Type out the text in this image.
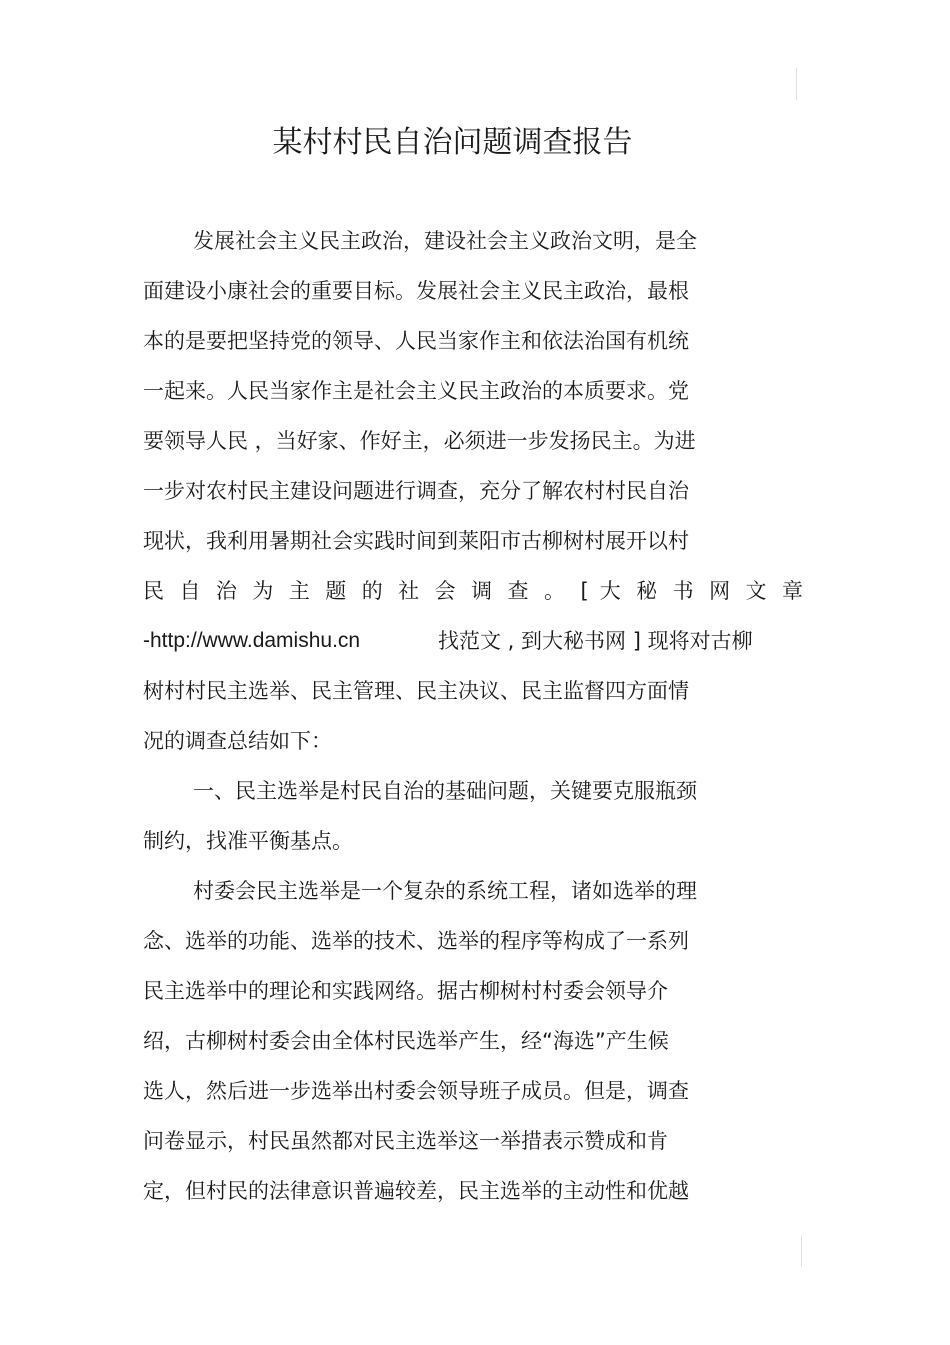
某村村民自治问题调查报告
发展社会主义民主政治，建设社会主义政治文明，是全
面建设小康社会的重要目标。发展社会主义民主政治，最根
本的是要把坚持党的领导、人民当家作主和依法治国有机统
一起来。人民当家作主是社会主义民主政治的本质要求。党
要领导人民 ，当好家、作好主，必须进一步发扬民主。为进
一步对农村民主建设问题进行调查，充分了解农村村民自治
现状，我利用暑期社会实践时间到莱阳市古柳树村展开以村
民 自 治 为 主 题 的 社 会 调 查 。 [ 大 秘 书 网 文 章
-http://www.damishu.cn	找范文 , 到大秘书网 ] 现将对古柳
树村村民主选举、民主管理、民主决议、民主监督四方面情
况的调查总结如下：
一、民主选举是村民自治的基础问题，关键要克服瓶颈
制约，找准平衡基点。
村委会民主选举是一个复杂的系统工程，诸如选举的理
念、选举的功能、选举的技术、选举的程序等构成了一系列
民主选举中的理论和实践网络。据古柳树村村委会领导介
绍，古柳树村委会由全体村民选举产生，经“海选”产生候
选人，然后进一步选举出村委会领导班子成员。但是，调查
问卷显示，村民虽然都对民主选举这一举措表示赞成和肯
定，但村民的法律意识普遍较差，民主选举的主动性和优越
